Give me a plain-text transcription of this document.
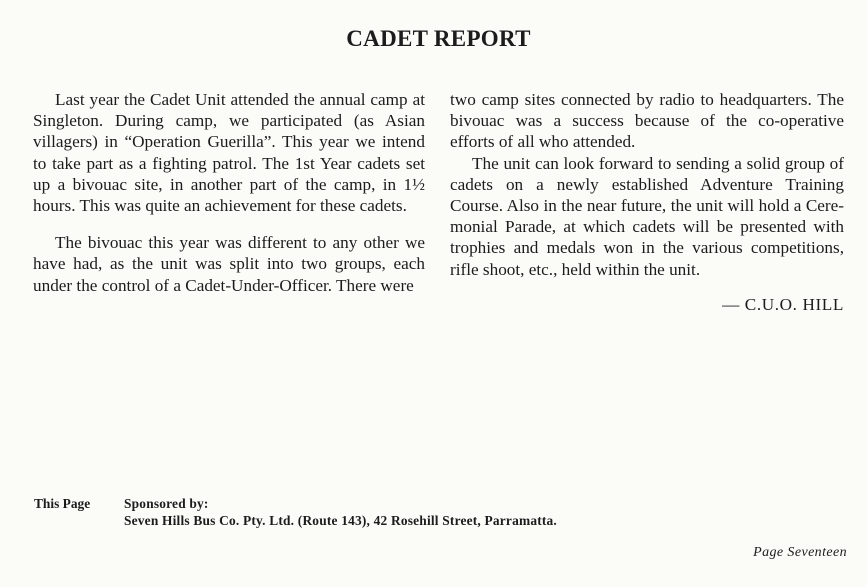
CADET REPORT

Last year the Cadet Unit attended the annual camp at Singleton. During camp, we participated (as Asian villagers) in “Operation Guerilla”. This year we intend to take part as a fighting patrol. The 1st Year cadets set up a bivouac site, in another part of the camp, in 1½ hours. This was quite an achievement for these cadets.

The bivouac this year was different to any other we have had, as the unit was split into two groups, each under the control of a Cadet-Under-Officer. There were

two camp sites connected by radio to headquarters. The bivouac was a success because of the co-operative efforts of all who attended.

The unit can look forward to sending a solid group of cadets on a newly established Adventure Training Course. Also in the near future, the unit will hold a Ceremonial Parade, at which cadets will be presented with trophies and medals won in the various competitions, rifle shoot, etc., held within the unit.

— C.U.O. HILL
This Page	Sponsored by:
Seven Hills Bus Co. Pty. Ltd. (Route 143), 42 Rosehill Street, Parramatta.
Page Seventeen
